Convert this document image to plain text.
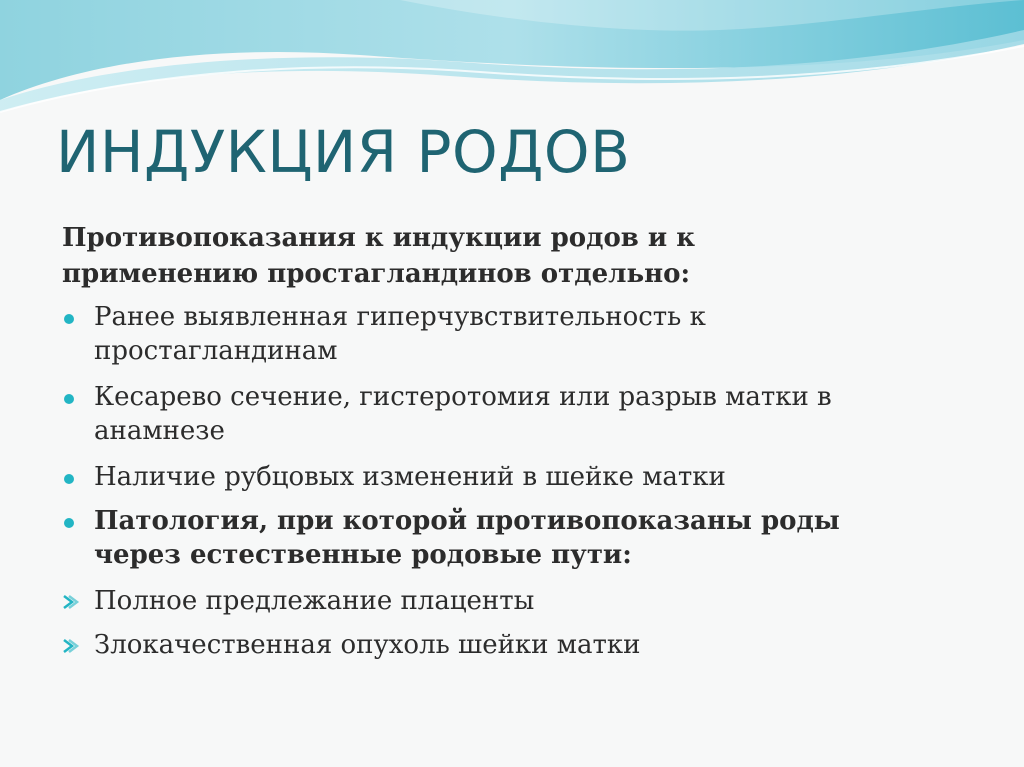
ИНДУКЦИЯ РОДОВ
Противопоказания к индукции родов и к
применению простагландинов отдельно:
Ранее выявленная гиперчувствительность к
простагландинам
Кесарево сечение, гистеротомия или разрыв матки в
анамнезе
Наличие рубцовых изменений в шейке матки
Патология, при которой противопоказаны роды
через естественные родовые пути:
Полное предлежание плаценты
Злокачественная опухоль шейки матки
